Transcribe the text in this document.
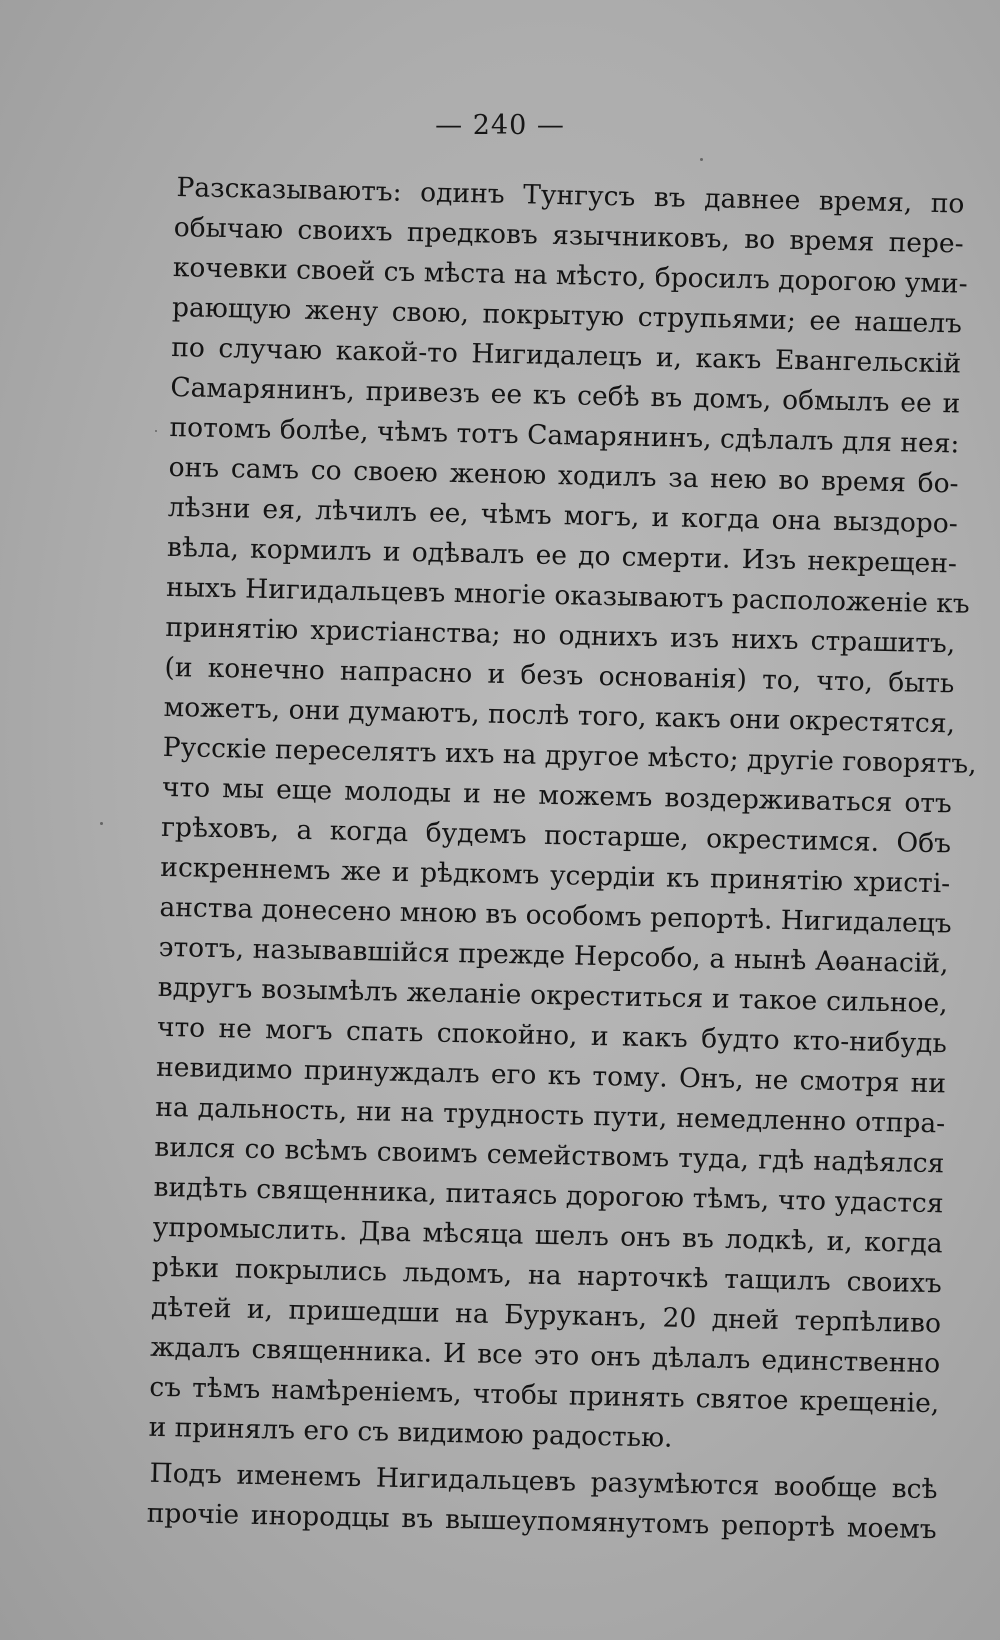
— 240 —
Разсказываютъ: одинъ Тунгусъ въ давнее время, по
обычаю своихъ предковъ язычниковъ, во время пере-
кочевки своей съ мѣста на мѣсто, бросилъ дорогою уми-
рающую жену свою, покрытую струпьями; ее нашелъ
по случаю какой-то Нигидалецъ и, какъ Евангельскій
Самарянинъ, привезъ ее къ себѣ въ домъ, обмылъ ее и
потомъ болѣе, чѣмъ тотъ Самарянинъ, сдѣлалъ для нея:
онъ самъ со своею женою ходилъ за нею во время бо-
лѣзни ея, лѣчилъ ее, чѣмъ могъ, и когда она выздоро-
вѣла, кормилъ и одѣвалъ ее до смерти. Изъ некрещен-
ныхъ Нигидальцевъ многіе оказываютъ расположеніе къ
принятію христіанства; но однихъ изъ нихъ страшитъ,
(и конечно напрасно и безъ основанія) то, что, быть
можетъ, они думаютъ, послѣ того, какъ они окрестятся,
Русскіе переселятъ ихъ на другое мѣсто; другіе говорятъ,
что мы еще молоды и не можемъ воздерживаться отъ
грѣховъ, а когда будемъ постарше, окрестимся. Объ
искреннемъ же и рѣдкомъ усердіи къ принятію христі-
анства донесено мною въ особомъ репортѣ. Нигидалецъ
этотъ, называвшійся прежде Нерсобо, а нынѣ Аѳанасій,
вдругъ возымѣлъ желаніе окреститься и такое сильное,
что не могъ спать спокойно, и какъ будто кто-нибудь
невидимо принуждалъ его къ тому. Онъ, не смотря ни
на дальность, ни на трудность пути, немедленно отпра-
вился со всѣмъ своимъ семействомъ туда, гдѣ надѣялся
видѣть священника, питаясь дорогою тѣмъ, что удастся
упромыслить. Два мѣсяца шелъ онъ въ лодкѣ, и, когда
рѣки покрылись льдомъ, на нарточкѣ тащилъ своихъ
дѣтей и, пришедши на Буруканъ, 20 дней терпѣливо
ждалъ священника. И все это онъ дѣлалъ единственно
съ тѣмъ намѣреніемъ, чтобы принять святое крещеніе,
и принялъ его съ видимою радостью.
Подъ именемъ Нигидальцевъ разумѣются вообще всѣ
прочіе инородцы въ вышеупомянутомъ репортѣ моемъ
